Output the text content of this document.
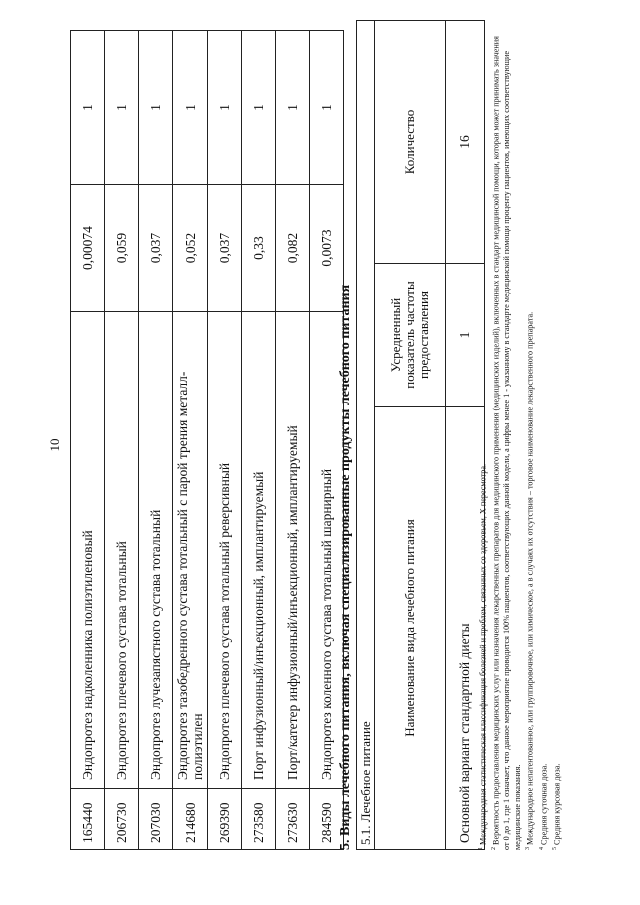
10
165440	Эндопротез надколенника полиэтиленовый	0,00074	1
206730	Эндопротез плечевого сустава тотальный	0,059	1
207030	Эндопротез лучезапястного сустава тотальный	0,037	1
214680	Эндопротез тазобедренного сустава тотальный с парой трения металл-полиэтилен	0,052	1
269390	Эндопротез плечевого сустава тотальный реверсивный	0,037	1
273580	Порт инфузионный/инъекционный, имплантируемый	0,33	1
273630	Порт/катетер инфузионный/инъекционный, имплантируемый	0,082	1
284590	Эндопротез коленного сустава тотальный шарнирный	0,0073	1
5. Виды лечебного питания, включая специализированные продукты лечебного питания 5.1. Лечебное питание		
Наименование вида лечебного питания	Усредненный показатель частоты предоставления	Количество
Основной вариант стандартной диеты	1	16

$^1$ Международная статистическая классификация болезней и проблем, связанных со здоровьем, X пересмотра.

$^2$ Вероятность предоставления медицинских услуг или назначения лекарственных препаратов для медицинского применения (медицинских изделий), включенных в стандарт медицинской помощи, которая может принимать значения от 0 до 1, где 1 означает, что данное мероприятие проводится 100% пациентов, соответствующих данной модели, а цифры менее 1 - указанному в стандарте медицинской помощи проценту пациентов, имеющих соответствующие медицинские показания. $^3$ Международное непатентованное, или группировочное, или химическое, а в случаях их отсутствия – торговое наименование лекарственного препарата.

$^4$ Средняя суточная доза.

$^5$ Средняя курсовая доза.
